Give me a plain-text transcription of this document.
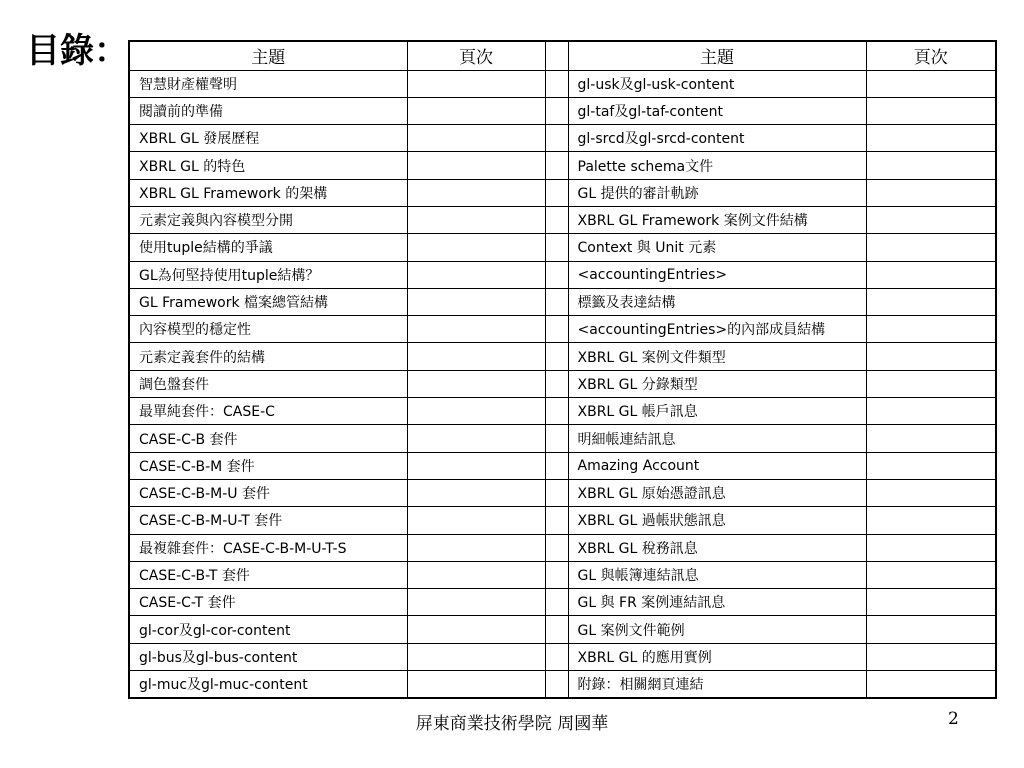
目錄：	主題	頁次		主題	頁次
智慧財產權聲明			gl-usk及gl-usk-content	
閱讀前的準備			gl-taf及gl-taf-content	
XBRL GL 發展歷程			gl-srcd及gl-srcd-content	
XBRL GL 的特色			Palette schema文件	
XBRL GL Framework 的架構			GL 提供的審計軌跡	
元素定義與內容模型分開			XBRL GL Framework 案例文件結構	
使用tuple結構的爭議			Context 與 Unit 元素	
GL為何堅持使用tuple結構？			<accountingEntries>	
GL Framework 檔案總管結構			標籤及表達結構	
內容模型的穩定性			<accountingEntries>的內部成員結構	
元素定義套件的結構			XBRL GL 案例文件類型	
調色盤套件			XBRL GL 分錄類型	
最單純套件：CASE-C			XBRL GL 帳戶訊息	
CASE-C-B 套件			明細帳連結訊息	
CASE-C-B-M 套件			Amazing Account	
CASE-C-B-M-U 套件			XBRL GL 原始憑證訊息	
CASE-C-B-M-U-T 套件			XBRL GL 過帳狀態訊息	
最複雜套件：CASE-C-B-M-U-T-S			XBRL GL 稅務訊息	
CASE-C-B-T 套件			GL 與帳簿連結訊息	
CASE-C-T 套件			GL 與 FR 案例連結訊息	
gl-cor及gl-cor-content			GL 案例文件範例	
gl-bus及gl-bus-content			XBRL GL 的應用實例	
gl-muc及gl-muc-content			附錄：相關網頁連結	
屏東商業技術學院 周國華	2
